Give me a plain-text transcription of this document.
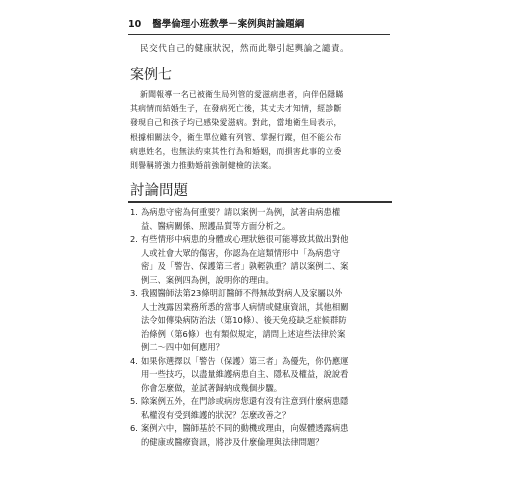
10 醫學倫理小班教學－案例與討論題綱
民交代自己的健康狀況，然而此舉引起輿論之譴責。
案例七
新聞報導一名已被衛生局列管的愛滋病患者，向伴侶隱瞞
其病情而結婚生子，在發病死亡後，其丈夫才知情，經診斷
發現自己和孩子均已感染愛滋病。對此，當地衛生局表示，
根據相關法令，衛生單位雖有列管、掌握行蹤，但不能公布
病患姓名，也無法約束其性行為和婚姻，而損害此事的立委
則譽稱將強力推動婚前強制健檢的法案。
討論問題
1. 為病患守密為何重要？請以案例一為例，試著由病患權
益、醫病關係、照護品質等方面分析之。
2. 有些情形中病患的身體或心理狀態很可能導致其做出對他
人或社會大眾的傷害，你認為在這類情形中「為病患守
密」及「警告、保護第三者」孰輕孰重？請以案例二、案
例三、案例四為例，說明你的理由。
3. 我國醫師法第23條明訂醫師不得無故對病人及家屬以外
人士洩露因業務所悉的當事人病情或健康資訊，其他相關
法令如傳染病防治法（第10條）、後天免疫缺乏症候群防
治條例（第6條）也有類似規定，請問上述這些法律於案
例二～四中如何應用？
4. 如果你選擇以「警告（保護）第三者」為優先，你仍應運
用一些技巧，以盡量維護病患自主、隱私及權益，說說看
你會怎麼做，並試著歸納成幾個步驟。
5. 除案例五外，在門診或病房您還有沒有注意到什麼病患隱
私權沒有受到維護的狀況？怎麼改善之？
6. 案例六中，醫師基於不同的動機或理由，向媒體透露病患
的健康或醫療資訊，將涉及什麼倫理與法律問題？
